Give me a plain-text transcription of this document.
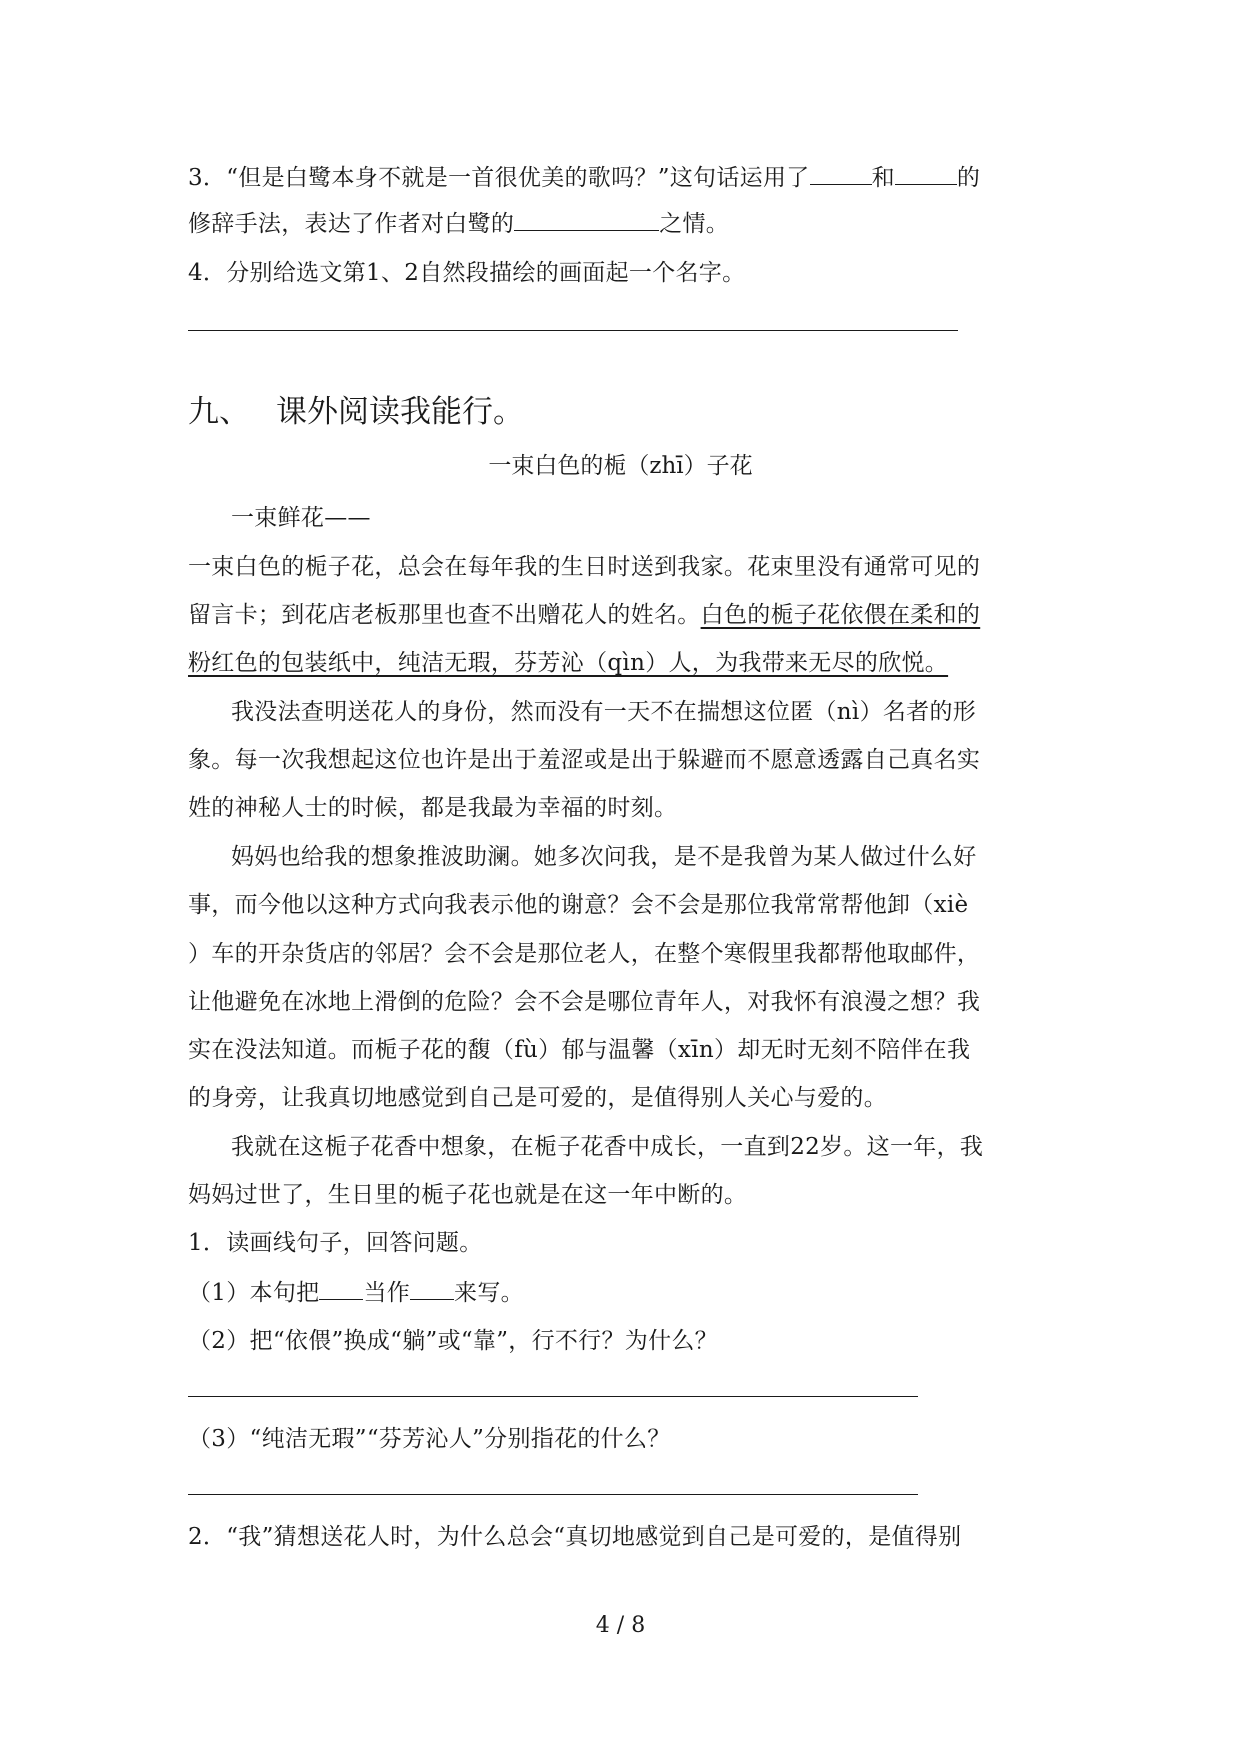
3．“但是白鹭本身不就是一首很优美的歌吗？”这句话运用了	和	的
修辞手法，表达了作者对白鹭的	之情。
4．分别给选文第1、2自然段描绘的画面起一个名字。
九、 课外阅读我能行。
一束白色的栀（zhī）子花
一束鲜花——
一束白色的栀子花，总会在每年我的生日时送到我家。花束里没有通常可见的
留言卡；到花店老板那里也查不出赠花人的姓名。白色的栀子花依偎在柔和的
粉红色的包装纸中，纯洁无瑕，芬芳沁（qìn）人，为我带来无尽的欣悦。
我没法查明送花人的身份，然而没有一天不在揣想这位匿（nì）名者的形
象。每一次我想起这位也许是出于羞涩或是出于躲避而不愿意透露自己真名实
姓的神秘人士的时候，都是我最为幸福的时刻。
妈妈也给我的想象推波助澜。她多次问我，是不是我曾为某人做过什么好
事，而今他以这种方式向我表示他的谢意？会不会是那位我常常帮他卸（xiè
）车的开杂货店的邻居？会不会是那位老人，在整个寒假里我都帮他取邮件，
让他避免在冰地上滑倒的危险？会不会是哪位青年人，对我怀有浪漫之想？我
实在没法知道。而栀子花的馥（fù）郁与温馨（xīn）却无时无刻不陪伴在我
的身旁，让我真切地感觉到自己是可爱的，是值得别人关心与爱的。
我就在这栀子花香中想象，在栀子花香中成长，一直到22岁。这一年，我
妈妈过世了，生日里的栀子花也就是在这一年中断的。
1．读画线句子，回答问题。
（1）本句把 当作 来写。
（2）把“依偎”换成“躺”或“靠”，行不行？为什么？
（3）“纯洁无瑕”“芬芳沁人”分别指花的什么？
2．“我”猜想送花人时，为什么总会“真切地感觉到自己是可爱的，是值得别
4 / 8
